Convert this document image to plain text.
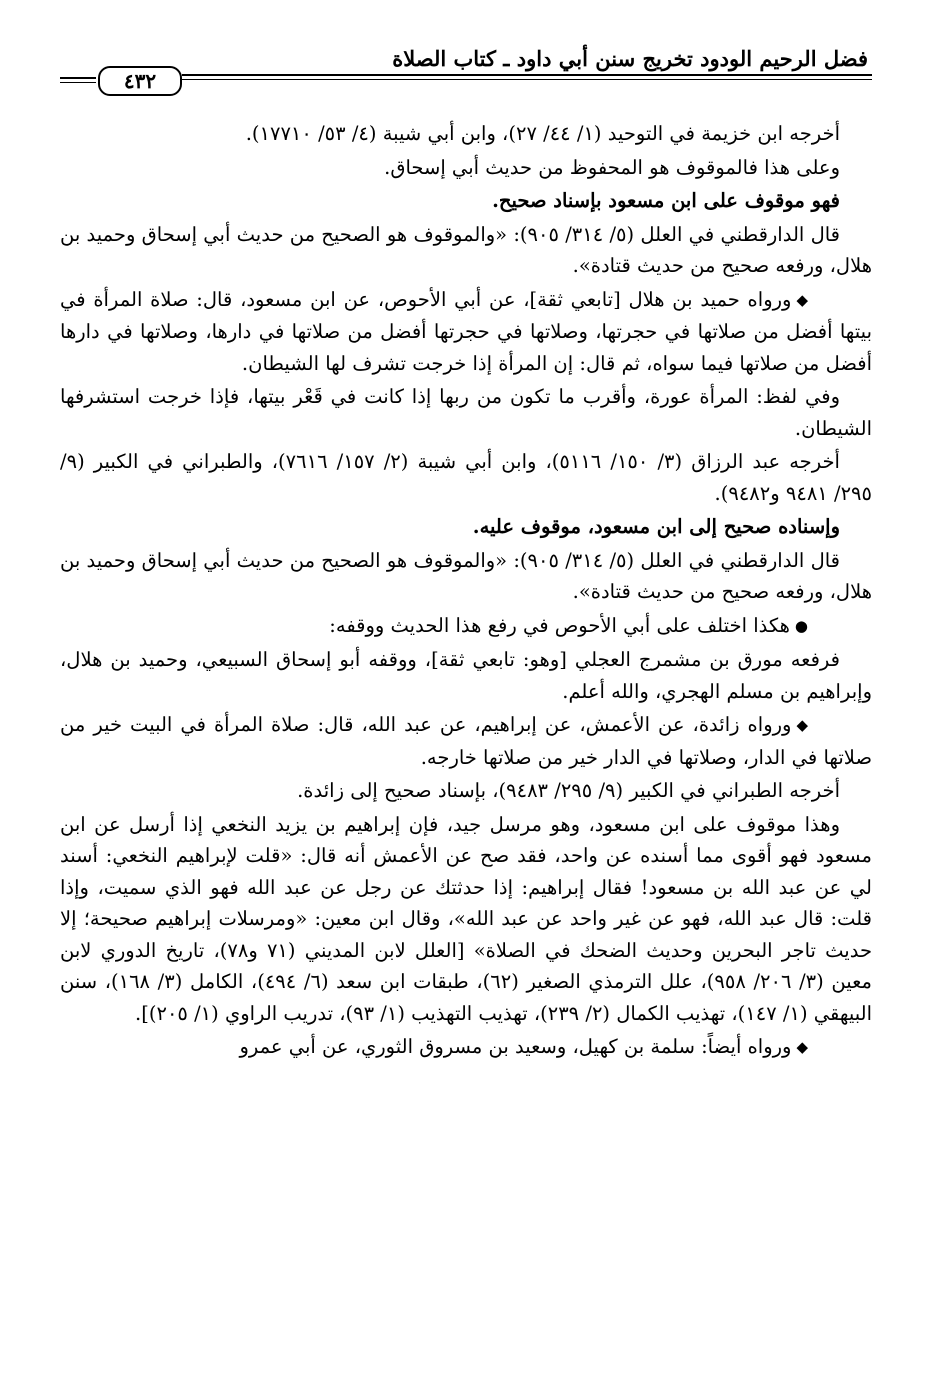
فضل الرحيم الودود تخريج سنن أبي داود ـ كتاب الصلاة
٤٣٢

أخرجه ابن خزيمة في التوحيد (١/ ٤٤/ ٢٧)، وابن أبي شيبة (٤/ ٥٣/ ١٧٧١٠).

وعلى هذا فالموقوف هو المحفوظ من حديث أبي إسحاق.

فهو موقوف على ابن مسعود بإسناد صحيح.

قال الدارقطني في العلل (٥/ ٣١٤/ ٩٠٥): «والموقوف هو الصحيح من حديث أبي إسحاق وحميد بن هلال، ورفعه صحيح من حديث قتادة».

◆ورواه حميد بن هلال [تابعي ثقة]، عن أبي الأحوص، عن ابن مسعود، قال: صلاة المرأة في بيتها أفضل من صلاتها في حجرتها، وصلاتها في حجرتها أفضل من صلاتها في دارها، وصلاتها في دارها أفضل من صلاتها فيما سواه، ثم قال: إن المرأة إذا خرجت تشرف لها الشيطان.

وفي لفظ: المرأة عورة، وأقرب ما تكون من ربها إذا كانت في قَعْر بيتها، فإذا خرجت استشرفها الشيطان.

أخرجه عبد الرزاق (٣/ ١٥٠/ ٥١١٦)، وابن أبي شيبة (٢/ ١٥٧/ ٧٦١٦)، والطبراني في الكبير (٩/ ٢٩٥/ ٩٤٨١ و٩٤٨٢).

وإسناده صحيح إلى ابن مسعود، موقوف عليه.

قال الدارقطني في العلل (٥/ ٣١٤/ ٩٠٥): «والموقوف هو الصحيح من حديث أبي إسحاق وحميد بن هلال، ورفعه صحيح من حديث قتادة».

●هكذا اختلف على أبي الأحوص في رفع هذا الحديث ووقفه:

فرفعه مورق بن مشمرج العجلي [وهو: تابعي ثقة]، ووقفه أبو إسحاق السبيعي، وحميد بن هلال، وإبراهيم بن مسلم الهجري، والله أعلم.

◆ورواه زائدة، عن الأعمش، عن إبراهيم، عن عبد الله، قال: صلاة المرأة في البيت خير من صلاتها في الدار، وصلاتها في الدار خير من صلاتها خارجه.

أخرجه الطبراني في الكبير (٩/ ٢٩٥/ ٩٤٨٣)، بإسناد صحيح إلى زائدة.

وهذا موقوف على ابن مسعود، وهو مرسل جيد، فإن إبراهيم بن يزيد النخعي إذا أرسل عن ابن مسعود فهو أقوى مما أسنده عن واحد، فقد صح عن الأعمش أنه قال: «قلت لإبراهيم النخعي: أسند لي عن عبد الله بن مسعود! فقال إبراهيم: إذا حدثتك عن رجل عن عبد الله فهو الذي سميت، وإذا قلت: قال عبد الله، فهو عن غير واحد عن عبد الله»، وقال ابن معين: «ومرسلات إبراهيم صحيحة؛ إلا حديث تاجر البحرين وحديث الضحك في الصلاة» [العلل لابن المديني (٧١ و٧٨)، تاريخ الدوري لابن معين (٣/ ٢٠٦/ ٩٥٨)، علل الترمذي الصغير (٦٢)، طبقات ابن سعد (٦/ ٤٩٤)، الكامل (٣/ ١٦٨)، سنن البيهقي (١/ ١٤٧)، تهذيب الكمال (٢/ ٢٣٩)، تهذيب التهذيب (١/ ٩٣)، تدريب الراوي (١/ ٢٠٥)].

◆ورواه أيضاً: سلمة بن كهيل، وسعيد بن مسروق الثوري، عن أبي عمرو
